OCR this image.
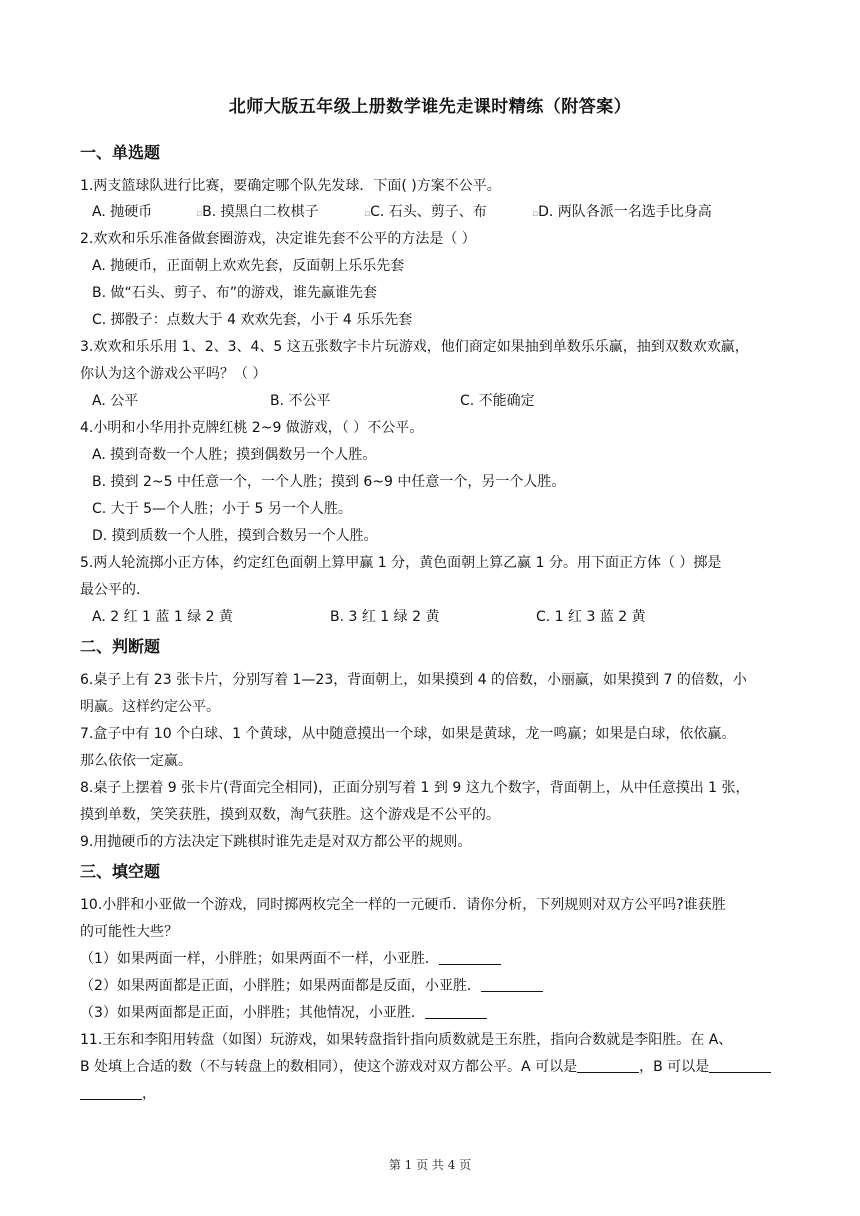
北师大版五年级上册数学谁先走课时精练（附答案）
一、单选题
1.两支篮球队进行比赛，要确定哪个队先发球．下面( )方案不公平。
A. 抛硬币	▫B. 摸黑白二枚棋子	▫C. 石头、剪子、布	▫D. 两队各派一名选手比身高
2.欢欢和乐乐准备做套圈游戏，决定谁先套不公平的方法是（ ）
A. 抛硬币，正面朝上欢欢先套，反面朝上乐乐先套
B. 做“石头、剪子、布”的游戏，谁先赢谁先套
C. 掷骰子：点数大于 4 欢欢先套，小于 4 乐乐先套
3.欢欢和乐乐用 1、2、3、4、5 这五张数字卡片玩游戏，他们商定如果抽到单数乐乐赢，抽到双数欢欢赢，
你认为这个游戏公平吗？（ ）
A. 公平	B. 不公平	C. 不能确定
4.小明和小华用扑克牌红桃 2~9 做游戏，（ ）不公平。
A. 摸到奇数一个人胜；摸到偶数另一个人胜。
B. 摸到 2~5 中任意一个，一个人胜；摸到 6~9 中任意一个，另一个人胜。
C. 大于 5—个人胜；小于 5 另一个人胜。
D. 摸到质数一个人胜，摸到合数另一个人胜。
5.两人轮流掷小正方体，约定红色面朝上算甲赢 1 分，黄色面朝上算乙赢 1 分。用下面正方体（ ）掷是
最公平的.
A. 2 红 1 蓝 1 绿 2 黄	B. 3 红 1 绿 2 黄	C. 1 红 3 蓝 2 黄
二、判断题
6.桌子上有 23 张卡片，分别写着 1—23，背面朝上，如果摸到 4 的倍数，小丽赢，如果摸到 7 的倍数，小
明赢。这样约定公平。
7.盒子中有 10 个白球、1 个黄球，从中随意摸出一个球，如果是黄球，龙一鸣赢；如果是白球，依依赢。
那么依依一定赢。
8.桌子上摆着 9 张卡片(背面完全相同)，正面分别写着 1 到 9 这九个数字，背面朝上，从中任意摸出 1 张，
摸到单数，笑笑获胜，摸到双数，淘气获胜。这个游戏是不公平的。
9.用抛硬币的方法决定下跳棋时谁先走是对双方都公平的规则。
三、填空题
10.小胖和小亚做一个游戏，同时掷两枚完全一样的一元硬币．请你分析，下列规则对双方公平吗?谁获胜
的可能性大些？
（1）如果两面一样，小胖胜；如果两面不一样，小亚胜．
（2）如果两面都是正面，小胖胜；如果两面都是反面，小亚胜．
（3）如果两面都是正面，小胖胜；其他情况，小亚胜．
11.王东和李阳用转盘（如图）玩游戏，如果转盘指针指向质数就是王东胜，指向合数就是李阳胜。在 A、
B 处填上合适的数（不与转盘上的数相同），使这个游戏对双方都公平。A 可以是	，B 可以是
，
第 1 页 共 4 页
